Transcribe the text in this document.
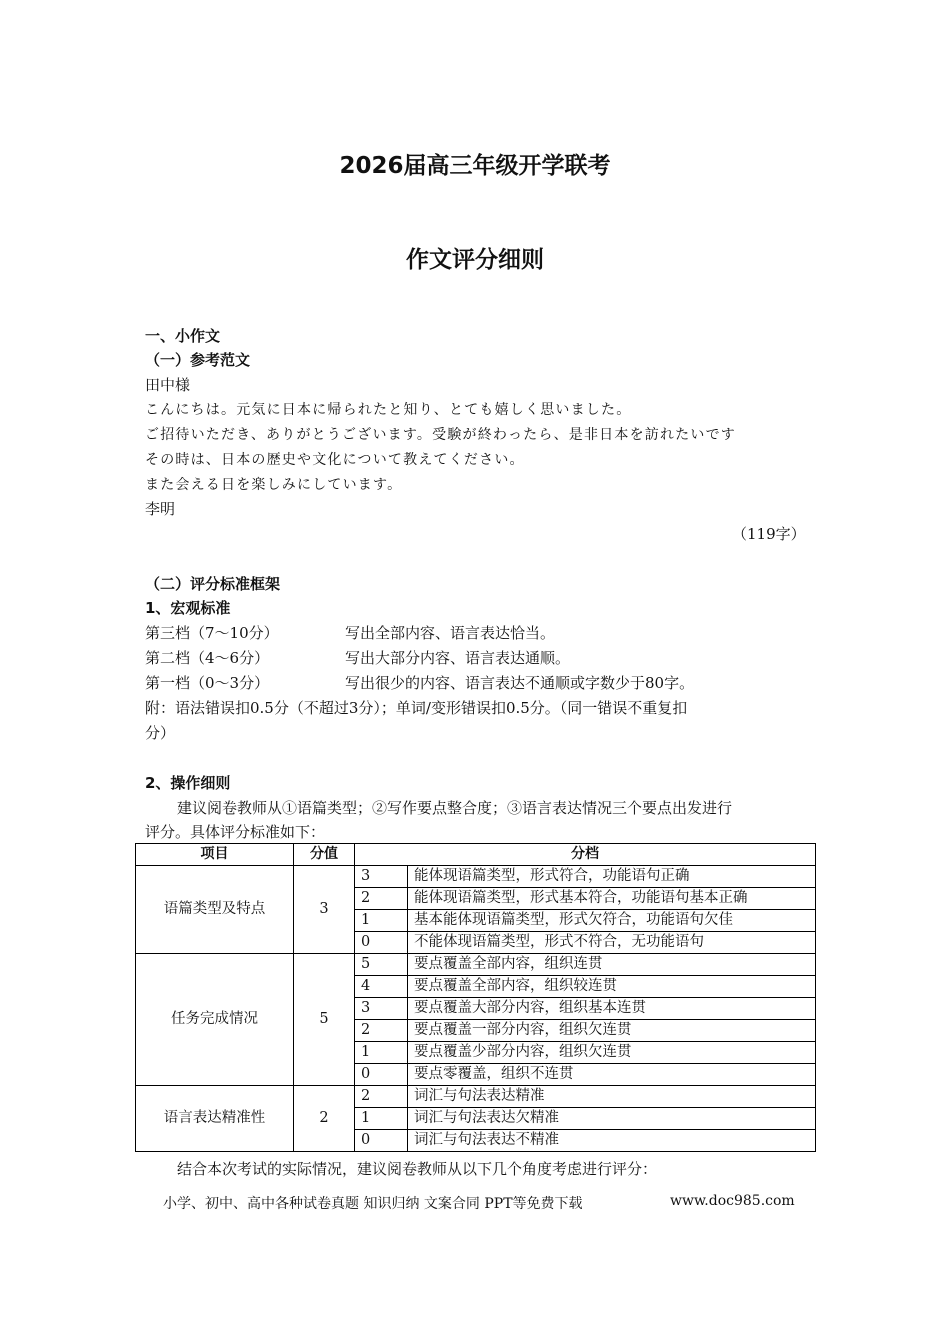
2026届高三年级开学联考
作文评分细则
一、小作文
（一）参考范文
田中様
こんにちは。元気に日本に帰られたと知り、とても嬉しく思いました。
ご招待いただき、ありがとうございます。受験が終わったら、是非日本を訪れたいです
その時は、日本の歴史や文化について教えてください。
また会える日を楽しみにしています。
李明
（119字）
（二）评分标准框架
1、宏观标准
第三档（7～10分）	写出全部内容、语言表达恰当。
第二档（4～6分）	写出大部分内容、语言表达通顺。
第一档（0～3分）	写出很少的内容、语言表达不通顺或字数少于80字。
附：语法错误扣0.5分（不超过3分）；单词/变形错误扣0.5分。（同一错误不重复扣
分）
2、操作细则
建议阅卷教师从①语篇类型；②写作要点整合度；③语言表达情况三个要点出发进行
评分。具体评分标准如下：
项目	分值	分档	
语篇类型及特点	3	3	能体现语篇类型，形式符合，功能语句正确
		2	能体现语篇类型，形式基本符合，功能语句基本正确
		1	基本能体现语篇类型，形式欠符合，功能语句欠佳
		0	不能体现语篇类型，形式不符合，无功能语句
任务完成情况	5	5	要点覆盖全部内容，组织连贯
		4	要点覆盖全部内容，组织较连贯
		3	要点覆盖大部分内容，组织基本连贯
		2	要点覆盖一部分内容，组织欠连贯
		1	要点覆盖少部分内容，组织欠连贯
		0	要点零覆盖，组织不连贯
语言表达精准性	2	2	词汇与句法表达精准
		1	词汇与句法表达欠精准
		0	词汇与句法表达不精准
结合本次考试的实际情况，建议阅卷教师从以下几个角度考虑进行评分：
小学、初中、高中各种试卷真题 知识归纳 文案合同 PPT等免费下载	www.doc985.com
